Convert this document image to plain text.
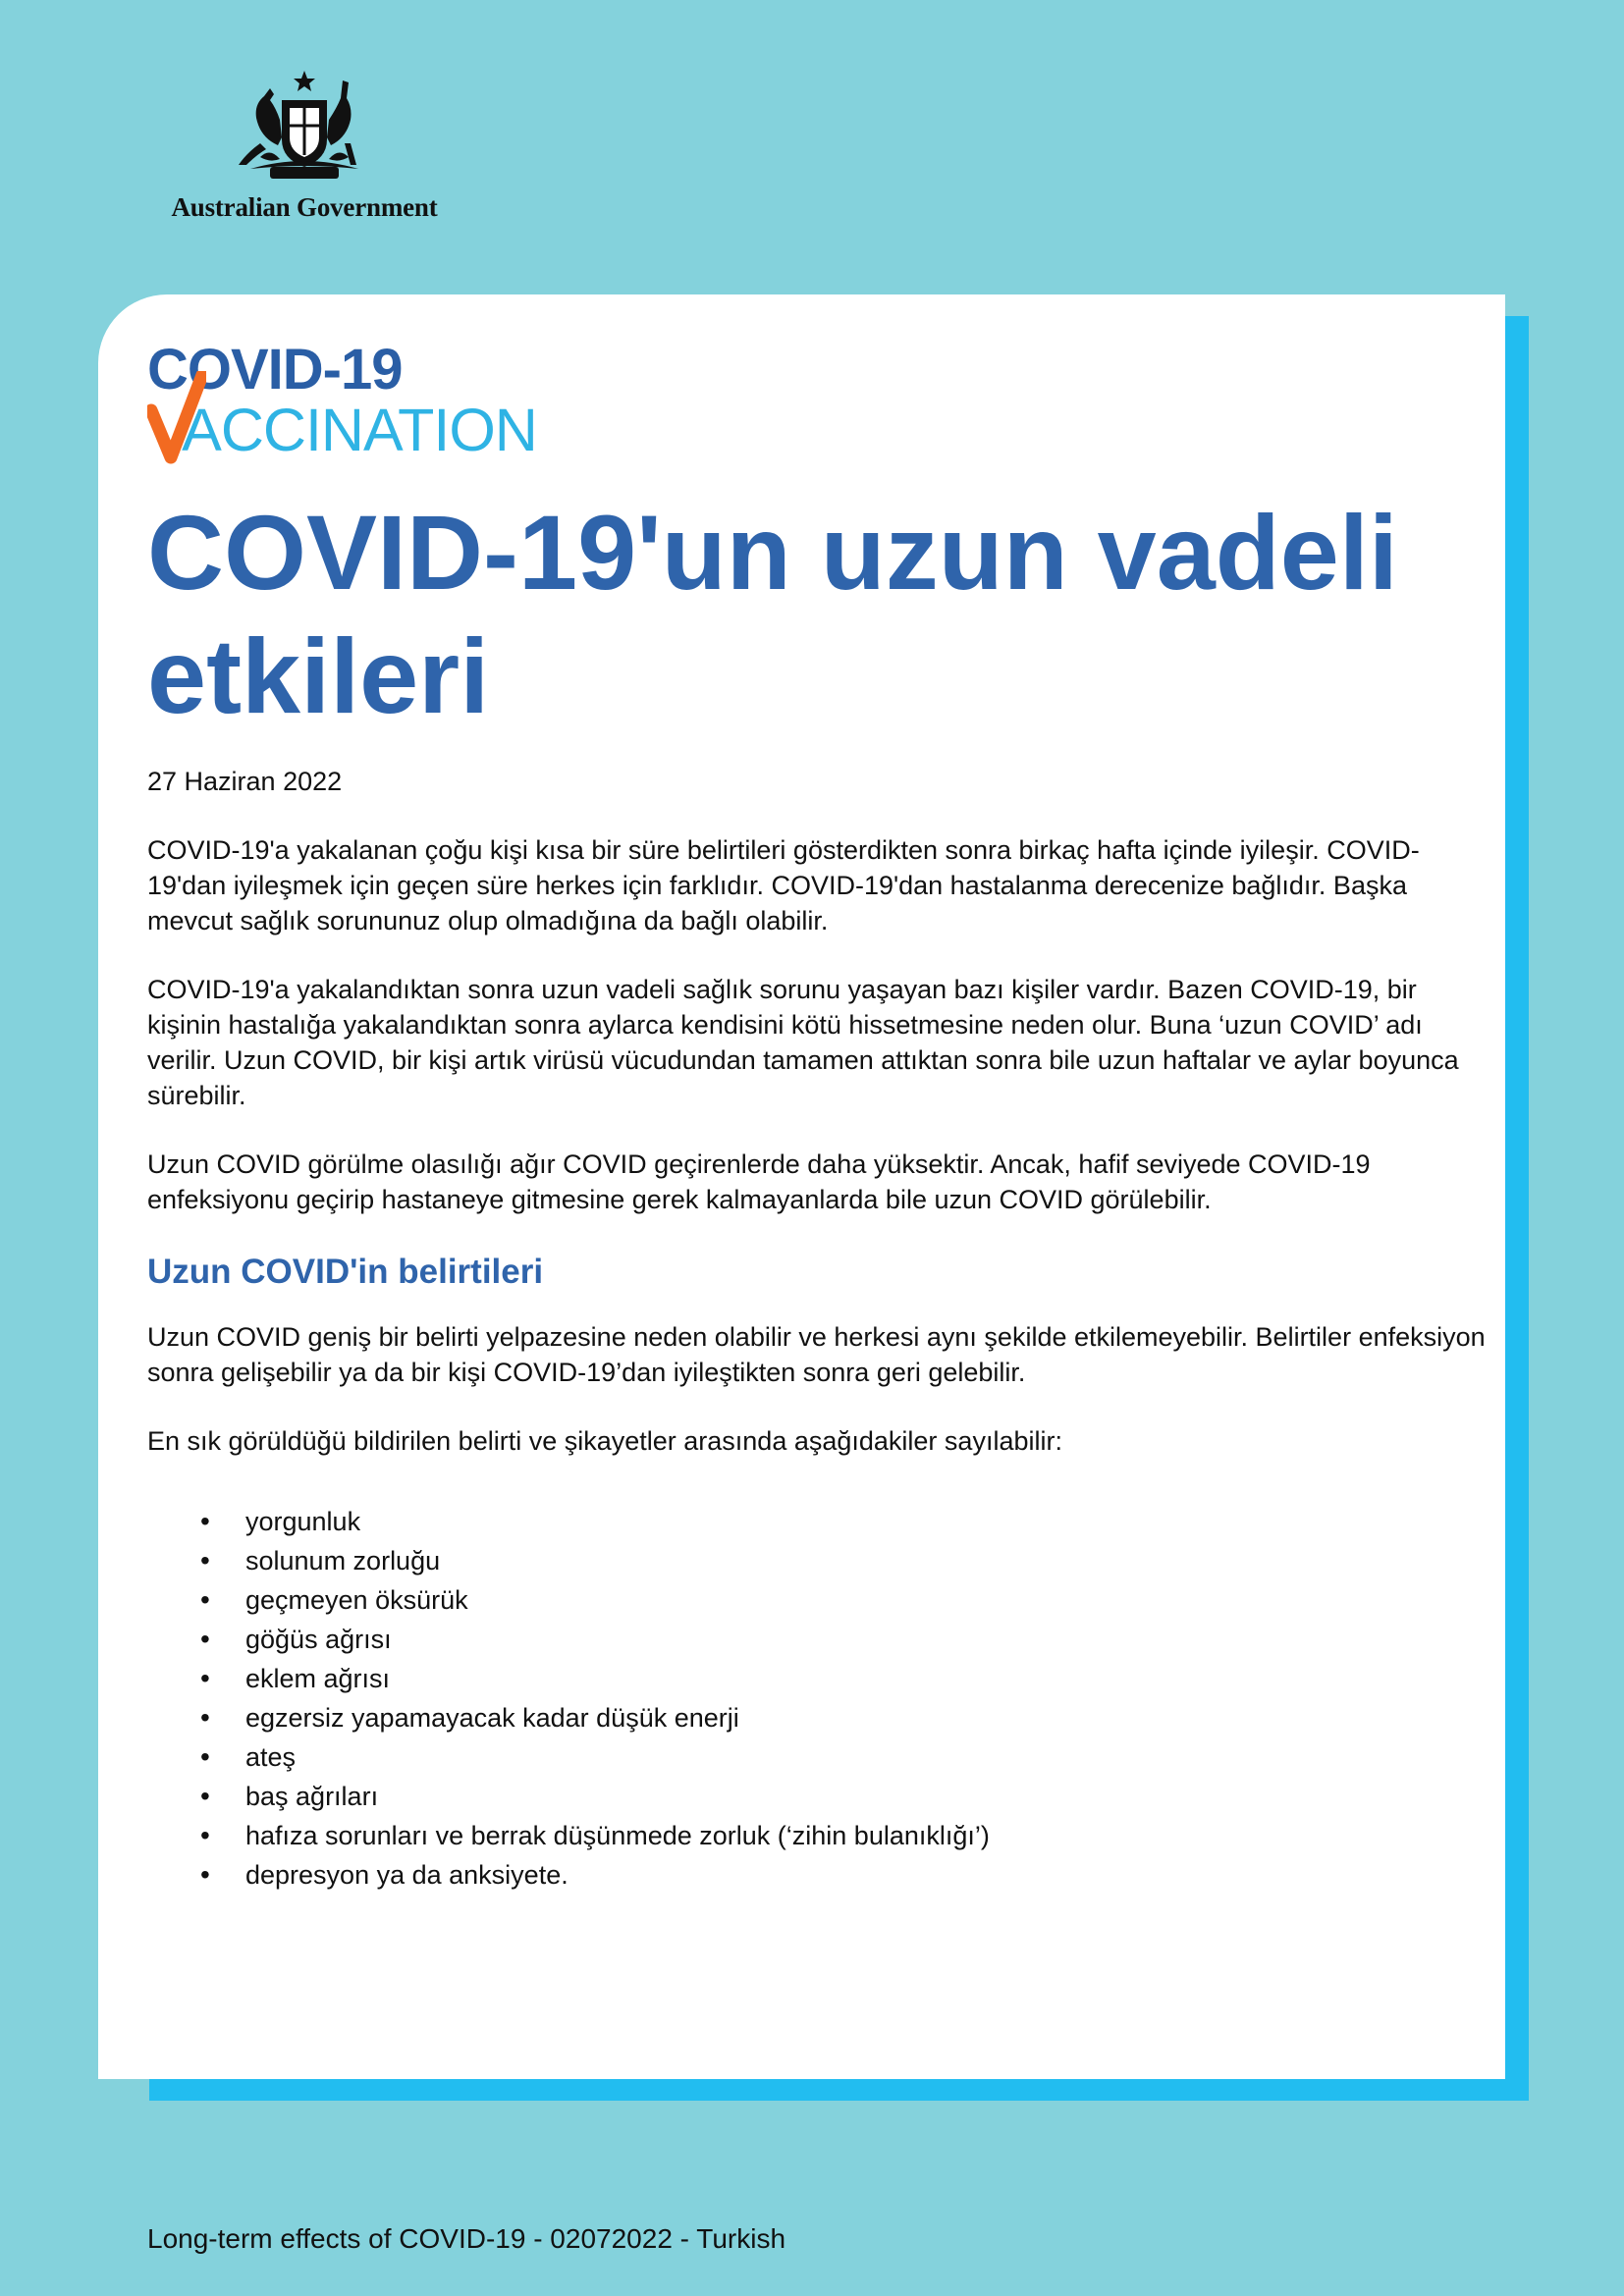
Australian Government
COVID-19
ACCINATION
COVID-19'un uzun vadeli etkileri

27 Haziran 2022

COVID-19'a yakalanan çoğu kişi kısa bir süre belirtileri gösterdikten sonra birkaç hafta içinde iyileşir. COVID-19'dan iyileşmek için geçen süre herkes için farklıdır. COVID-19'dan hastalanma derecenize bağlıdır. Başka mevcut sağlık sorununuz olup olmadığına da bağlı olabilir.

COVID-19'a yakalandıktan sonra uzun vadeli sağlık sorunu yaşayan bazı kişiler vardır. Bazen COVID-19, bir kişinin hastalığa yakalandıktan sonra aylarca kendisini kötü hissetmesine neden olur. Buna ‘uzun COVID’ adı verilir. Uzun COVID, bir kişi artık virüsü vücudundan tamamen attıktan sonra bile uzun haftalar ve aylar boyunca sürebilir.

Uzun COVID görülme olasılığı ağır COVID geçirenlerde daha yüksektir. Ancak, hafif seviyede COVID-19 enfeksiyonu geçirip hastaneye gitmesine gerek kalmayanlarda bile uzun COVID görülebilir.

Uzun COVID'in belirtileri

Uzun COVID geniş bir belirti yelpazesine neden olabilir ve herkesi aynı şekilde etkilemeyebilir. Belirtiler enfeksiyon sonra gelişebilir ya da bir kişi COVID-19’dan iyileştikten sonra geri gelebilir.

En sık görüldüğü bildirilen belirti ve şikayetler arasında aşağıdakiler sayılabilir:

• yorgunluk
• solunum zorluğu
• geçmeyen öksürük
• göğüs ağrısı
• eklem ağrısı
• egzersiz yapamayacak kadar düşük enerji
• ateş
• baş ağrıları
• hafıza sorunları ve berrak düşünmede zorluk (‘zihin bulanıklığı’)
• depresyon ya da anksiyete.
Long-term effects of COVID-19 - 02072022 - Turkish
